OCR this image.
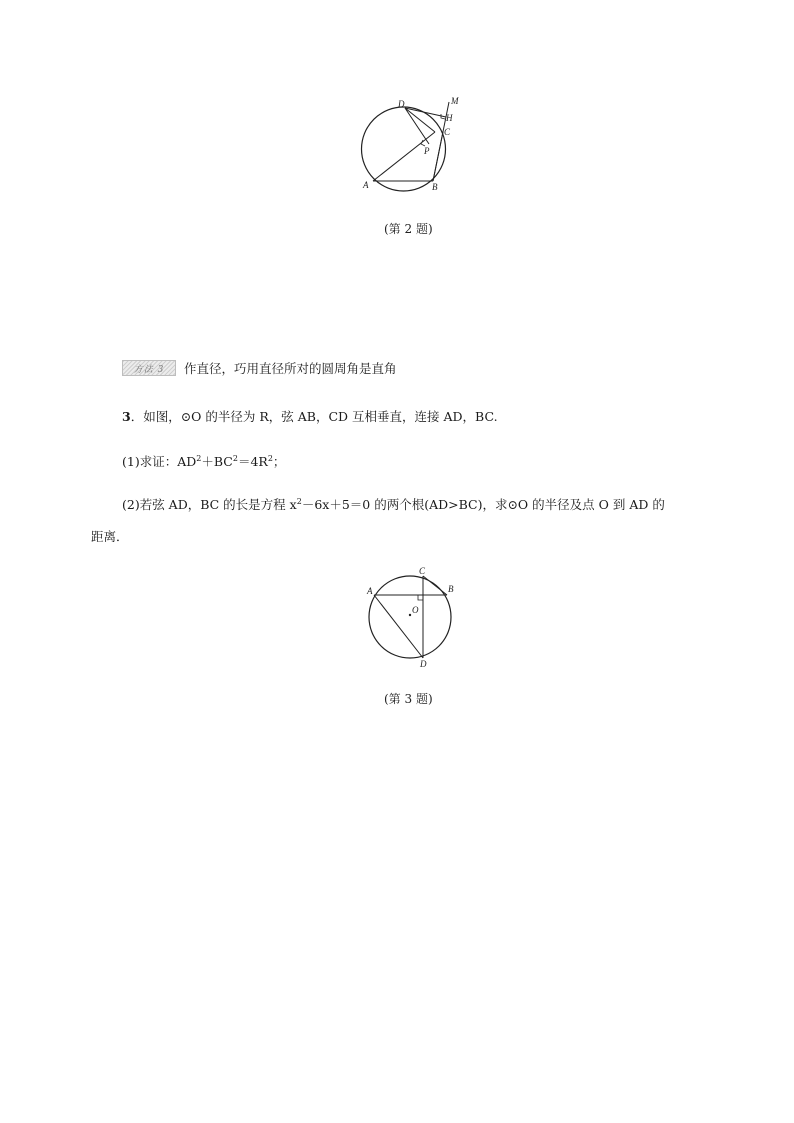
D	M
H
C
P
A	B
(第 2 题)
方法 3	作直径，巧用直径所对的圆周角是直角
3．如图，⊙O 的半径为 R，弦 AB，CD 互相垂直，连接 AD，BC.
(1)求证：$AD^2+BC^2=4R^2$；
(2)若弦 AD，BC 的长是方程 $x^2-6x+5=0$ 的两个根(AD>BC)，求⊙O 的半径及点 O 到 AD 的
距离．
A	B
C
D
O
(第 3 题)
